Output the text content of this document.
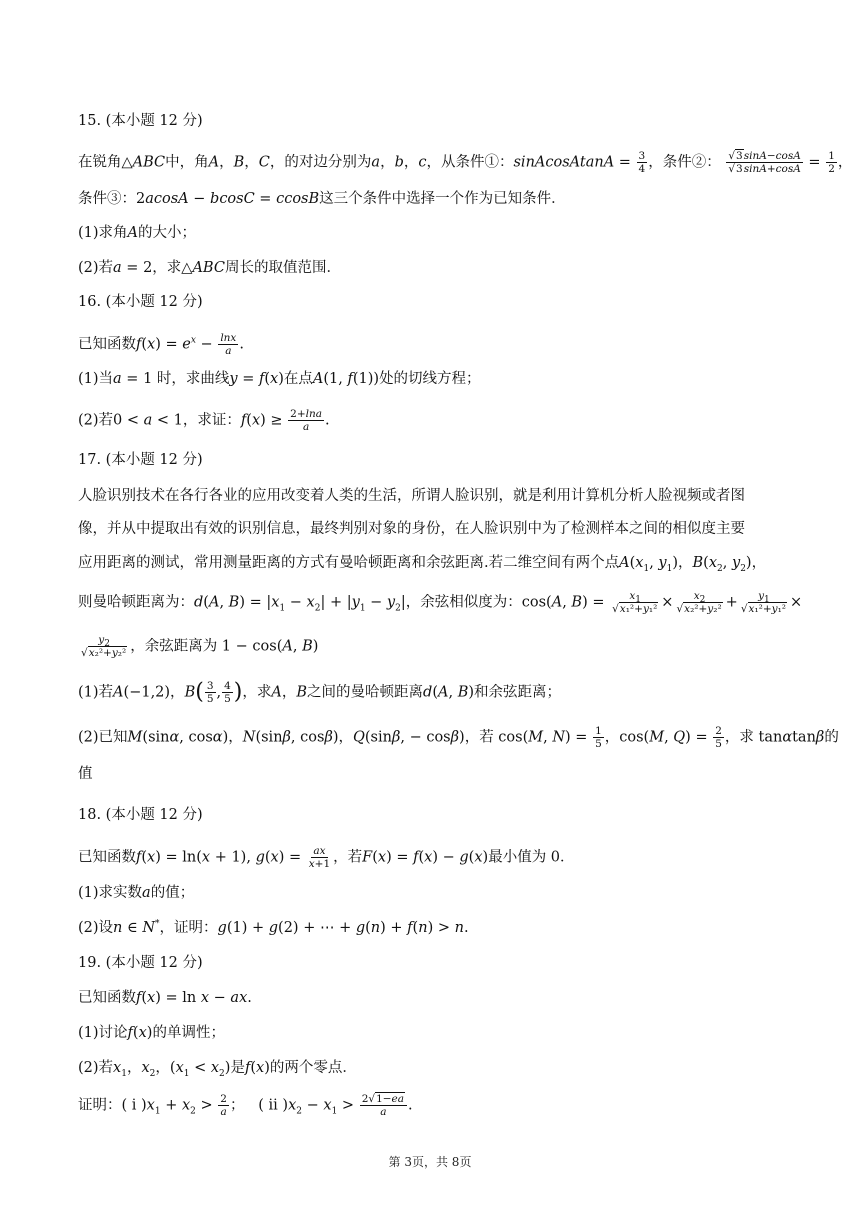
15. (本小题 12 分)
在锐角△ABC中，角A，B，C，的对边分别为a，b，c，从条件①：sinAcosAtanA = $\frac{3}{4}$ ，条件②： $\frac{√3\sin A-\cos A}{√3\sin A+\cos A} = \frac{1}{2}$ ，
条件③：2acosA − bcosC = ccosB这三个条件中选择一个作为已知条件．
(1)求角A的大小；
(2)若a = 2，求△ABC周长的取值范围．
16. (本小题 12 分)
已知函数$f(x) = e^x - \frac{\ln x}{a}$ .
(1)当a = 1 时，求曲线y = f(x)在点A(1, f(1))处的切线方程；
(2)若0 < a < 1，求证：$f(x) \ge \frac{2+\ln a}{a}$ .
17. (本小题 12 分)
人脸识别技术在各行各业的应用改变着人类的生活，所谓人脸识别，就是利用计算机分析人脸视频或者图
像，并从中提取出有效的识别信息，最终判别对象的身份，在人脸识别中为了检测样本之间的相似度主要
应用距离的测试，常用测量距离的方式有曼哈顿距离和余弦距离.若二维空间有两个点$A(x_1$, $y_1$)，$B(x_2$, $y_2$)，
则曼哈顿距离为：d(A, $B) = |x_1 - x_2| + |y_1 - y_2|$，余弦相似度为：cos(A, $B) = \frac{x_1}{\text{√x₁²+y₁²}} \times \frac{x_2}{\text{√x₂²+y₂²}} + \frac{y_1}{\text{√x₁²+y₁²}}$ ×
$\frac{y_2}{\text{√x₂²+y₂²}}$ ，余弦距离为 1 − cos(A, B)
(1)若A(−1,2)，$B( \frac{3}{5}$ , $\frac{4}{5}$ )，求A，B之间的曼哈顿距离d(A, B)和余弦距离；
(2)已知M(sinα, cosα)，N(sinβ, cosβ)，Q(sinβ, − cosβ)，若 cos(M, $N) = \frac{1}{5}$ ，cos(M, $Q) = \frac{2}{5}$ ，求 tanαtanβ的
值
18. (本小题 12 分)
已知函数f(x) = ln(x + 1), $g(x) = \frac{ax}{x+1}$ ，若F(x) = f(x) − g(x)最小值为 0．
(1)求实数a的值；
(2)设n ∈ N*，证明：g(1) + g(2) + ⋯ + g(n) + f(n) > n.
19. (本小题 12 分)
已知函数f(x) = ln x − ax.
(1)讨论f(x)的单调性；
(2)若$x_1$，$x_2$，$(x_1 < x_2)$是f(x)的两个零点．
证明：( i )$x_1 + x_2 > \frac{2}{a}$ ；   ( ii )$x_2 - x_1 > \frac{2√1-ea}{a}$ .
第 3页，共 8页
